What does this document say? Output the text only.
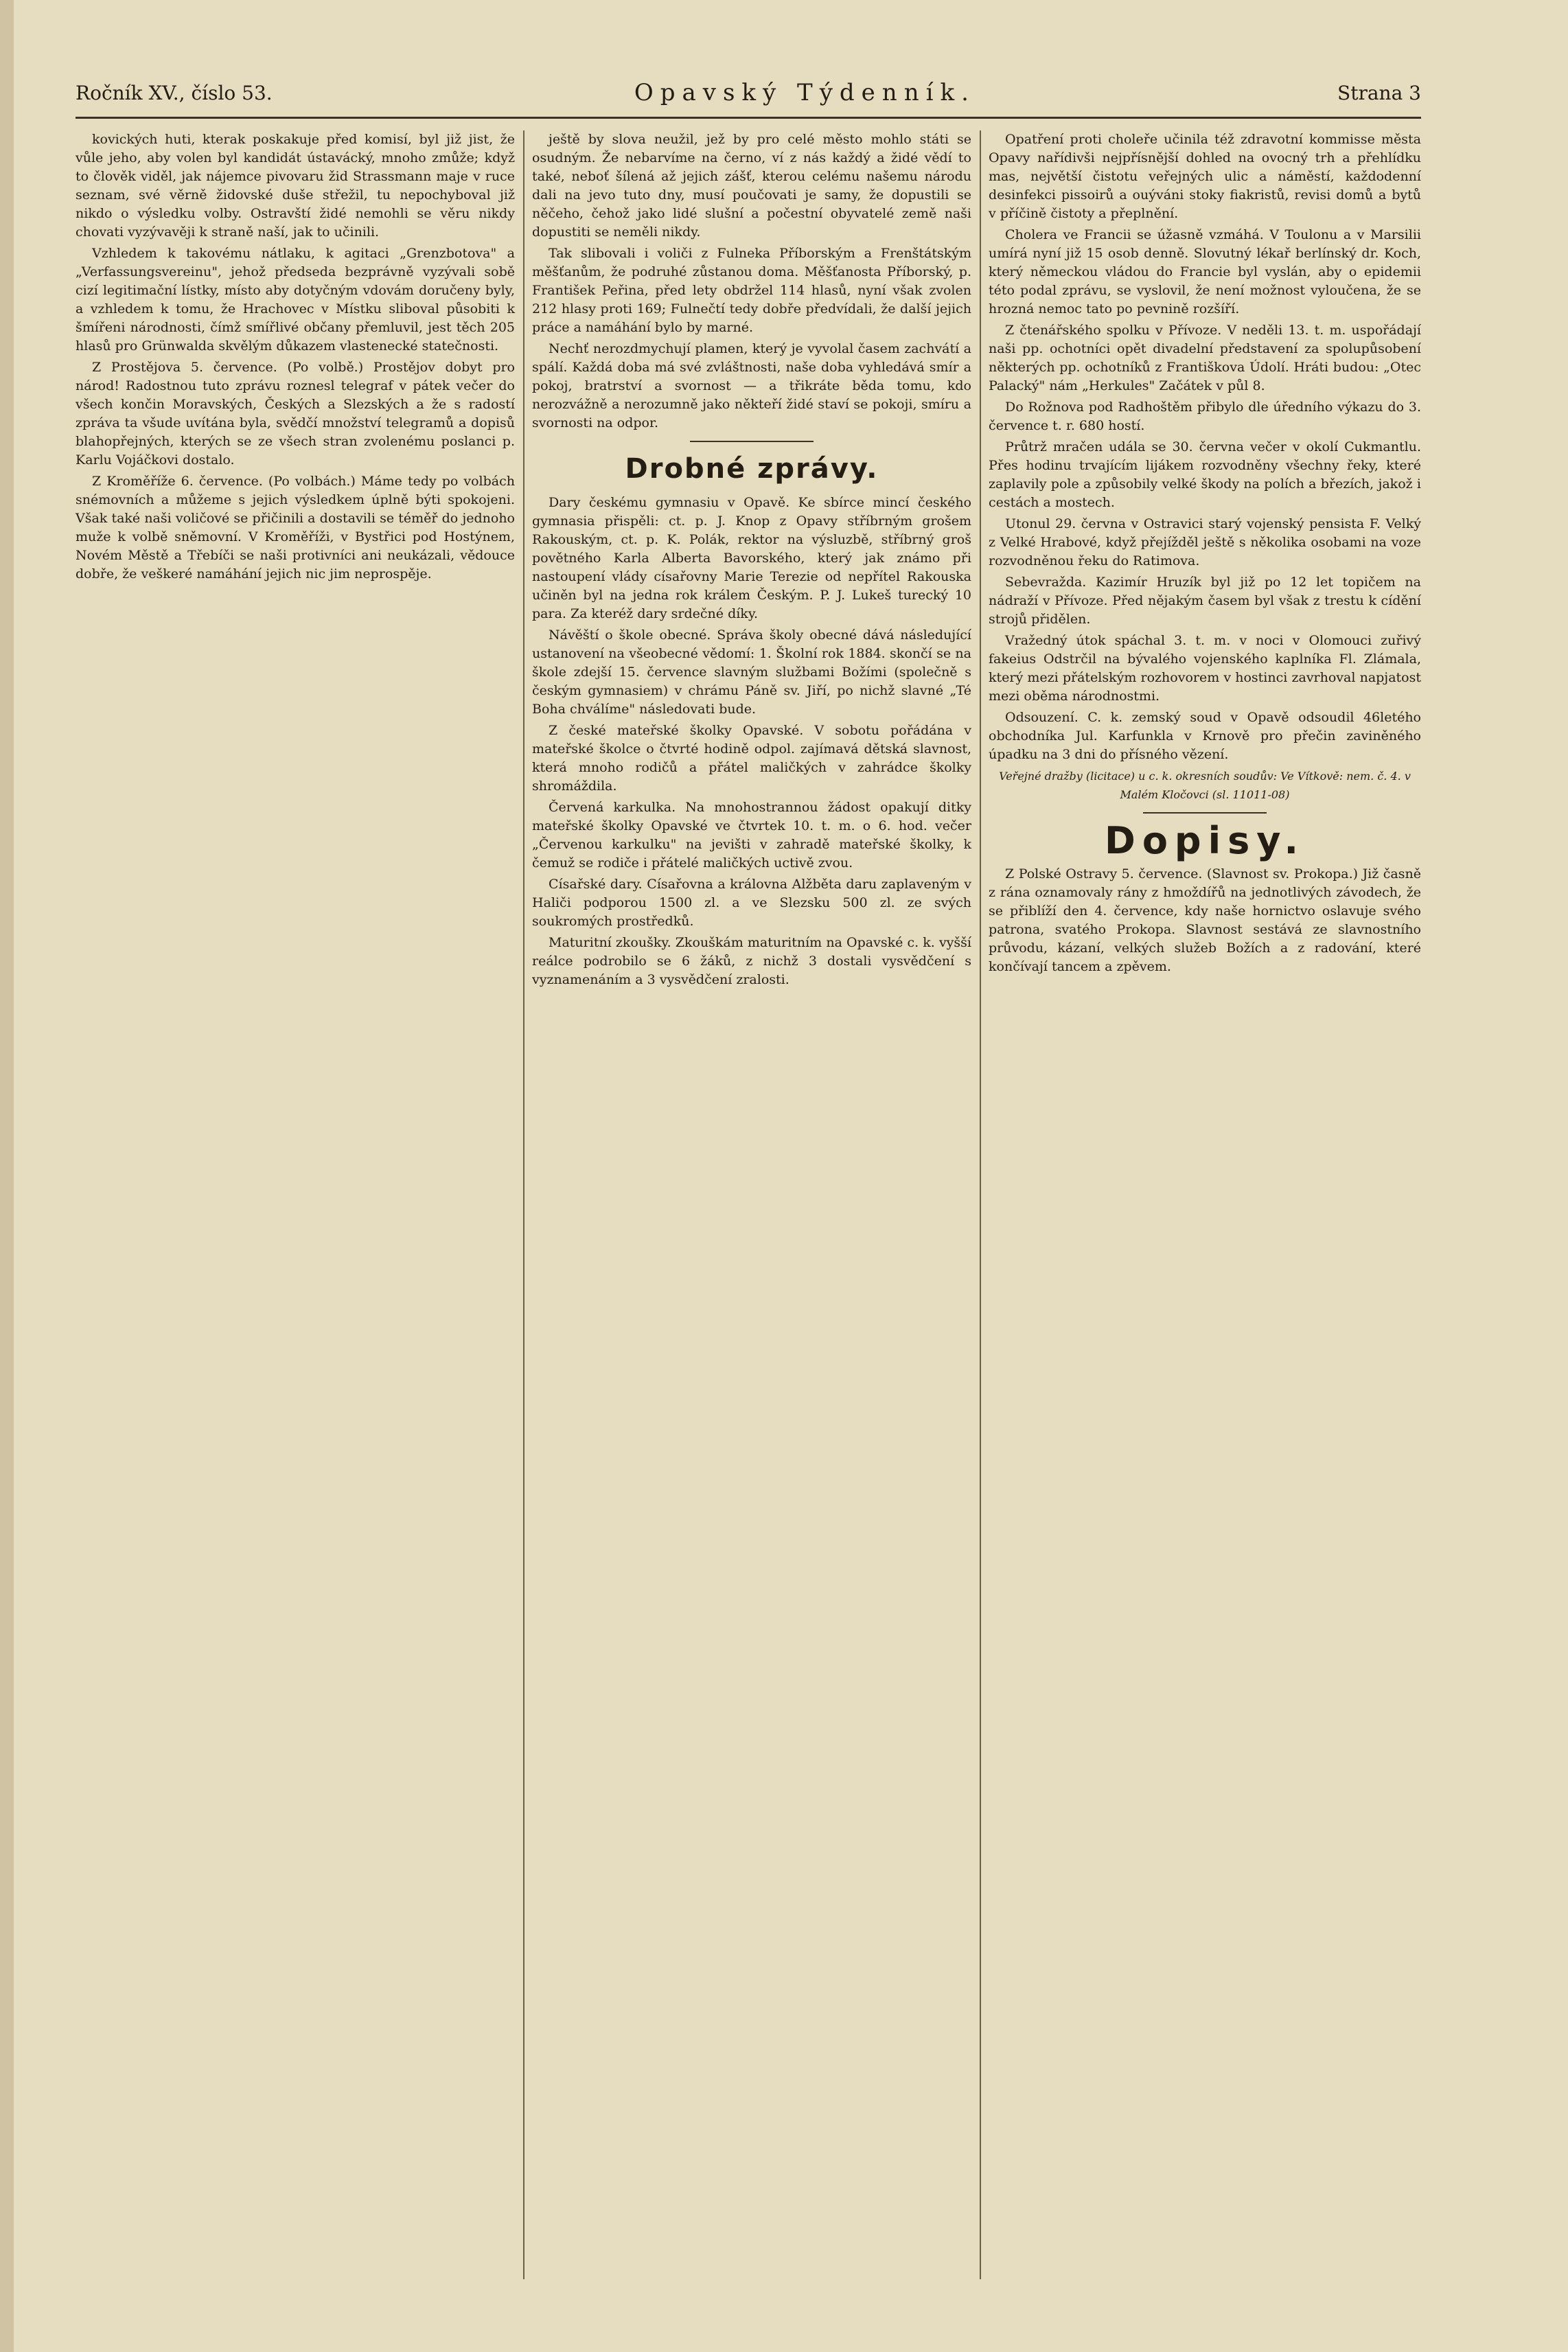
Ročník XV., číslo 53.	Opavský Týdenník.	Strana 3

kovických huti, kterak poskakuje před komisí, byl již jist, že vůle jeho, aby volen byl kandidát ústavácký, mnoho zmůže; když to člověk viděl, jak nájemce pivovaru žid Strassmann maje v ruce seznam, své věrně židovské duše střežil, tu nepochyboval již nikdo o výsledku volby. Ostravští židé nemohli se věru nikdy chovati vyzývavěji k straně naší, jak to učinili.

Vzhledem k takovému nátlaku, k agitaci „Grenzbotova" a „Verfassungsvereinu", jehož předseda bezprávně vyzývali sobě cizí legitimační lístky, místo aby dotyčným vdovám doručeny byly, a vzhledem k tomu, že Hrachovec v Místku sliboval působiti k šmířeni národnosti, čímž smířlivé občany přemluvil, jest těch 205 hlasů pro Grünwalda skvělým důkazem vlastenecké statečnosti.

Z Prostějova 5. července. (Po volbě.) Prostějov dobyt pro národ! Radostnou tuto zprávu roznesl telegraf v pátek večer do všech končin Moravských, Českých a Slezských a že s radostí zpráva ta všude uvítána byla, svědčí množství telegramů a dopisů blahopřejných, kterých se ze všech stran zvolenému poslanci p. Karlu Vojáčkovi dostalo.

Z Kroměříže 6. července. (Po volbách.) Máme tedy po volbách snémovních a můžeme s jejich výsledkem úplně býti spokojeni. Však také naši voličové se přičinili a dostavili se téměř do jednoho muže k volbě sněmovní. V Kroměříži, v Bystřici pod Hostýnem, Novém Městě a Třebíči se naši protivníci ani neukázali, vědouce dobře, že veškeré namáhání jejich nic jim neprospěje.

ještě by slova neužil, jež by pro celé město mohlo státi se osudným. Že nebarvíme na černo, ví z nás každý a židé vědí to také, neboť šílená až jejich zášť, kterou celému našemu národu dali na jevo tuto dny, musí poučovati je samy, že dopustili se něčeho, čehož jako lidé slušní a počestní obyvatelé země naši dopustiti se neměli nikdy.

Tak slibovali i voliči z Fulneka Příborským a Frenštátským měšťanům, že podruhé zůstanou doma. Měšťanosta Příborský, p. František Peřina, před lety obdržel 114 hlasů, nyní však zvolen 212 hlasy proti 169; Fulnečtí tedy dobře předvídali, že další jejich práce a namáhání bylo by marné.

Nechť nerozdmychují plamen, který je vyvolal časem zachvátí a spálí. Každá doba má své zvláštnosti, naše doba vyhledává smír a pokoj, bratrství a svornost — a třikráte běda tomu, kdo nerozvážně a nerozumně jako někteří židé staví se pokoji, smíru a svornosti na odpor.

Drobné zprávy.

Dary českému gymnasiu v Opavě. Ke sbírce mincí českého gymnasia přispěli: ct. p. J. Knop z Opavy stříbrným grošem Rakouským, ct. p. K. Polák, rektor na výsluzbě, stříbrný groš povětného Karla Alberta Bavorského, který jak známo při nastoupení vlády císařovny Marie Terezie od nepřítel Rakouska učiněn byl na jedna rok králem Českým. P. J. Lukeš turecký 10 para. Za kteréž dary srdečné díky.

Návěští o škole obecné. Správa školy obecné dává následující ustanovení na všeobecné vědomí: 1. Školní rok 1884. skončí se na škole zdejší 15. července slavným službami Božími (společně s českým gymnasiem) v chrámu Páně sv. Jiří, po nichž slavné „Té Boha chválíme" následovati bude.

Z české mateřské školky Opavské. V sobotu pořádána v mateřské školce o čtvrté hodině odpol. zajímavá dětská slavnost, která mnoho rodičů a přátel maličkých v zahrádce školky shromáždila.

Červená karkulka. Na mnohostrannou žádost opakují ditky mateřské školky Opavské ve čtvrtek 10. t. m. o 6. hod. večer „Červenou karkulku" na jevišti v zahradě mateřské školky, k čemuž se rodiče i přátelé maličkých uctivě zvou.

Císařské dary. Císařovna a královna Alžběta daru zaplaveným v Haliči podporou 1500 zl. a ve Slezsku 500 zl. ze svých soukromých prostředků.

Maturitní zkoušky. Zkouškám maturitním na Opavské c. k. vyšší reálce podrobilo se 6 žáků, z nichž 3 dostali vysvědčení s vyznamenáním a 3 vysvědčení zralosti.

Opatření proti choleře učinila též zdravotní kommisse města Opavy nařídivši nejpřísnější dohled na ovocný trh a přehlídku mas, největší čistotu veřejných ulic a náměstí, každodenní desinfekci pissoirů a ouýváni stoky fiakristů, revisi domů a bytů v příčině čistoty a přeplnění.

Cholera ve Francii se úžasně vzmáhá. V Toulonu a v Marsilii umírá nyní již 15 osob denně. Slovutný lékař berlínský dr. Koch, který německou vládou do Francie byl vyslán, aby o epidemii této podal zprávu, se vyslovil, že není možnost vyloučena, že se hrozná nemoc tato po pevnině rozšíří.

Z čtenářského spolku v Přívoze. V neděli 13. t. m. uspořádají naši pp. ochotníci opět divadelní představení za spolupůsobení některých pp. ochotníků z Františkova Údolí. Hráti budou: „Otec Palacký" nám „Herkules" Začátek v půl 8.

Do Rožnova pod Radhoštěm přibylo dle úředního výkazu do 3. července t. r. 680 hostí.

Průtrž mračen udála se 30. června večer v okolí Cukmantlu. Přes hodinu trvajícím lijákem rozvodněny všechny řeky, které zaplavily pole a způsobily velké škody na polích a březích, jakož i cestách a mostech.

Utonul 29. června v Ostravici starý vojenský pensista F. Velký z Velké Hrabové, když přejížděl ještě s několika osobami na voze rozvodněnou řeku do Ratimova.

Sebevražda. Kazimír Hruzík byl již po 12 let topičem na nádraží v Přívoze. Před nějakým časem byl však z trestu k cídění strojů přidělen.

Vražedný útok spáchal 3. t. m. v noci v Olomouci zuřivý fakeius Odstrčil na bývalého vojenského kaplníka Fl. Zlámala, který mezi přátelským rozhovorem v hostinci zavrhoval napjatost mezi oběma národnostmi.

Odsouzení. C. k. zemský soud v Opavě odsoudil 46letého obchodníka Jul. Karfunkla v Krnově pro přečin zaviněného úpadku na 3 dni do přísného vězení.

Veřejné dražby (licitace) u c. k. okresních soudův: Ve Vítkově: nem. č. 4. v Malém Kločovci (sl. 11011-08)

Dopisy.

Z Polské Ostravy 5. července. (Slavnost sv. Prokopa.) Již časně z rána oznamovaly rány z hmoždířů na jednotlivých závodech, že se přiblíží den 4. července, kdy naše hornictvo oslavuje svého patrona, svatého Prokopa. Slavnost sestává ze slavnostního průvodu, kázaní, velkých služeb Božích a z radování, které končívají tancem a zpěvem.
